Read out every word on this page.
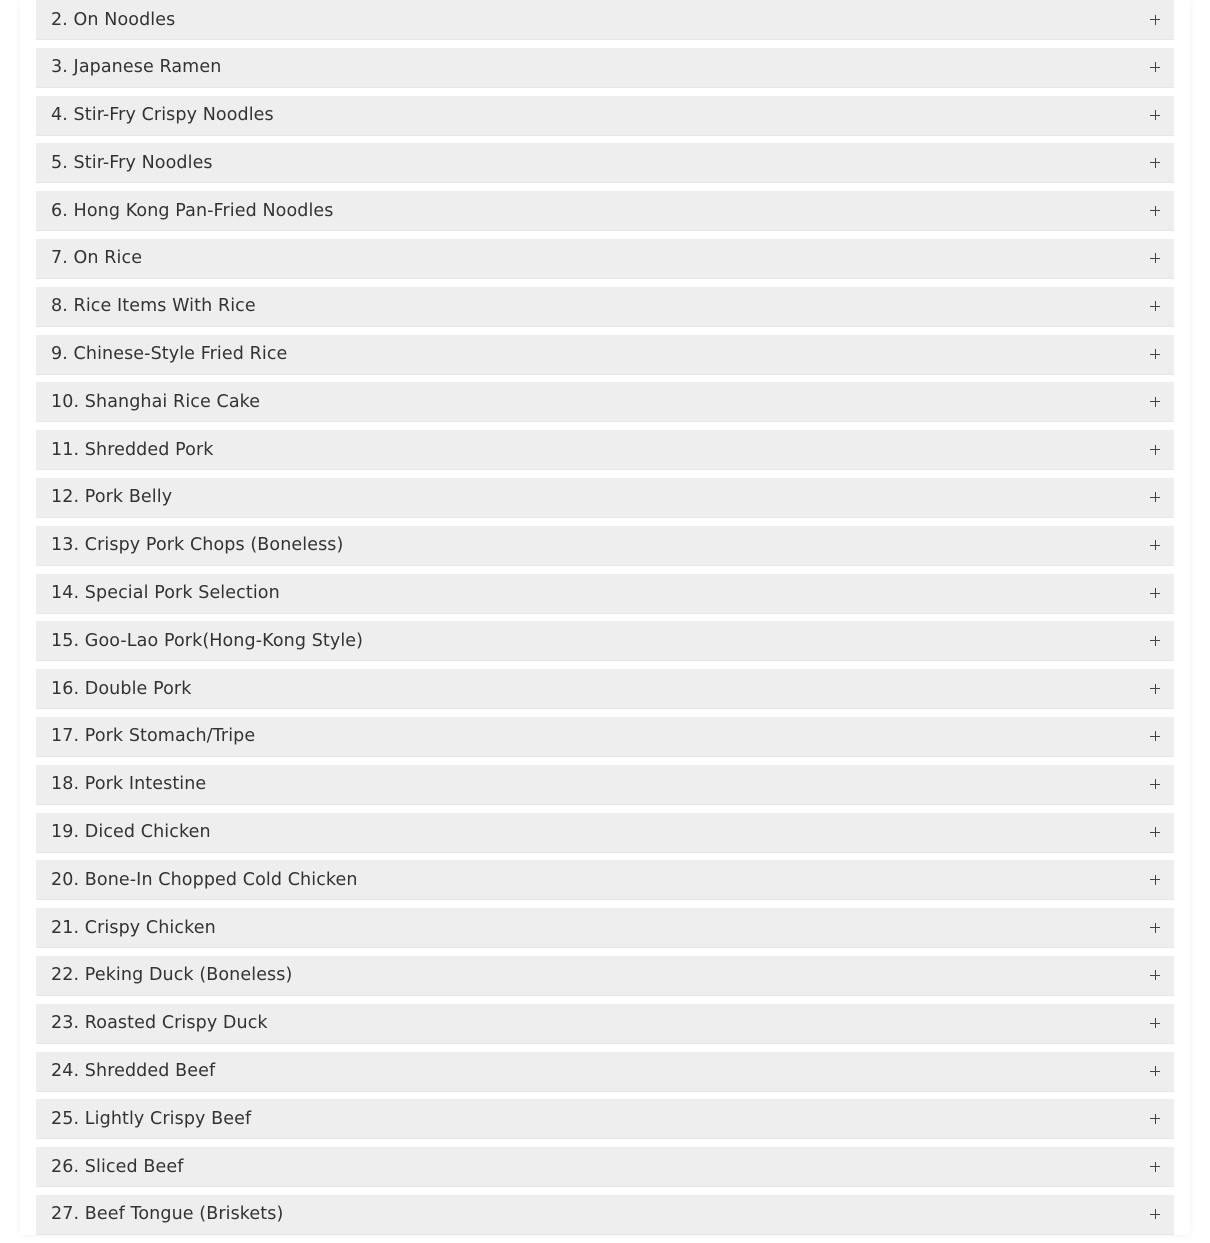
2. On Noodles
3. Japanese Ramen
4. Stir-Fry Crispy Noodles
5. Stir-Fry Noodles
6. Hong Kong Pan-Fried Noodles
7. On Rice
8. Rice Items With Rice
9. Chinese-Style Fried Rice
10. Shanghai Rice Cake
11. Shredded Pork
12. Pork Belly
13. Crispy Pork Chops (Boneless)
14. Special Pork Selection
15. Goo-Lao Pork(Hong-Kong Style)
16. Double Pork
17. Pork Stomach/Tripe
18. Pork Intestine
19. Diced Chicken
20. Bone-In Chopped Cold Chicken
21. Crispy Chicken
22. Peking Duck (Boneless)
23. Roasted Crispy Duck
24. Shredded Beef
25. Lightly Crispy Beef
26. Sliced Beef
27. Beef Tongue (Briskets)
